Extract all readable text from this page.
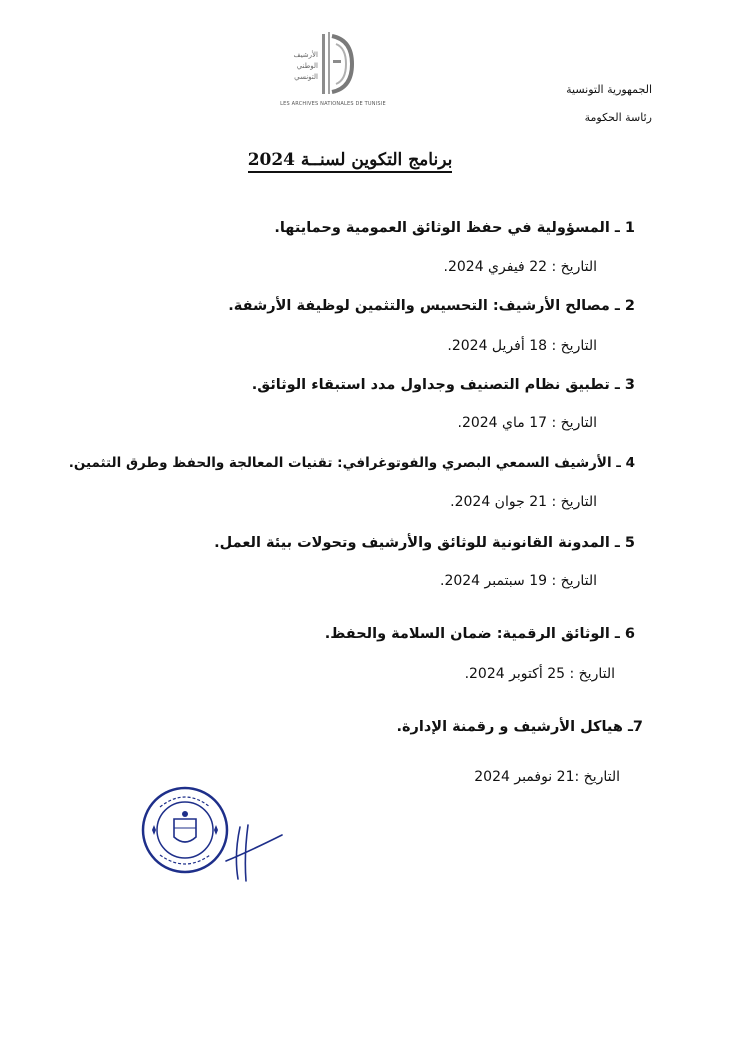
الأرشيف
الوطني
التونسي
LES ARCHIVES NATIONALES DE TUNISIE
الجمهورية التونسية
رئاسة الحكومة
برنامج التكوين لسنــة 2024
1 ـ المسؤولية في حفظ الوثائق العمومية وحمايتها.
التاريخ : 22 فيفري 2024.
2 ـ مصالح الأرشيف: التحسيس والتثمين لوظيفة الأرشفة.
التاريخ : 18 أفريل 2024.
3 ـ تطبيق نظام التصنيف وجداول مدد استبقاء الوثائق.
التاريخ : 17 ماي 2024.
4 ـ الأرشيف السمعي البصري والفوتوغرافي: تقنيات المعالجة والحفظ وطرق التثمين.
التاريخ : 21 جوان 2024.
5 ـ المدونة القانونية للوثائق والأرشيف وتحولات بيئة العمل.
التاريخ : 19 سبتمبر 2024.
6 ـ الوثائق الرقمية: ضمان السلامة والحفظ.
التاريخ : 25 أكتوبر 2024.
7ـ هياكل الأرشيف و رقمنة الإدارة.
التاريخ :21 نوفمبر 2024
